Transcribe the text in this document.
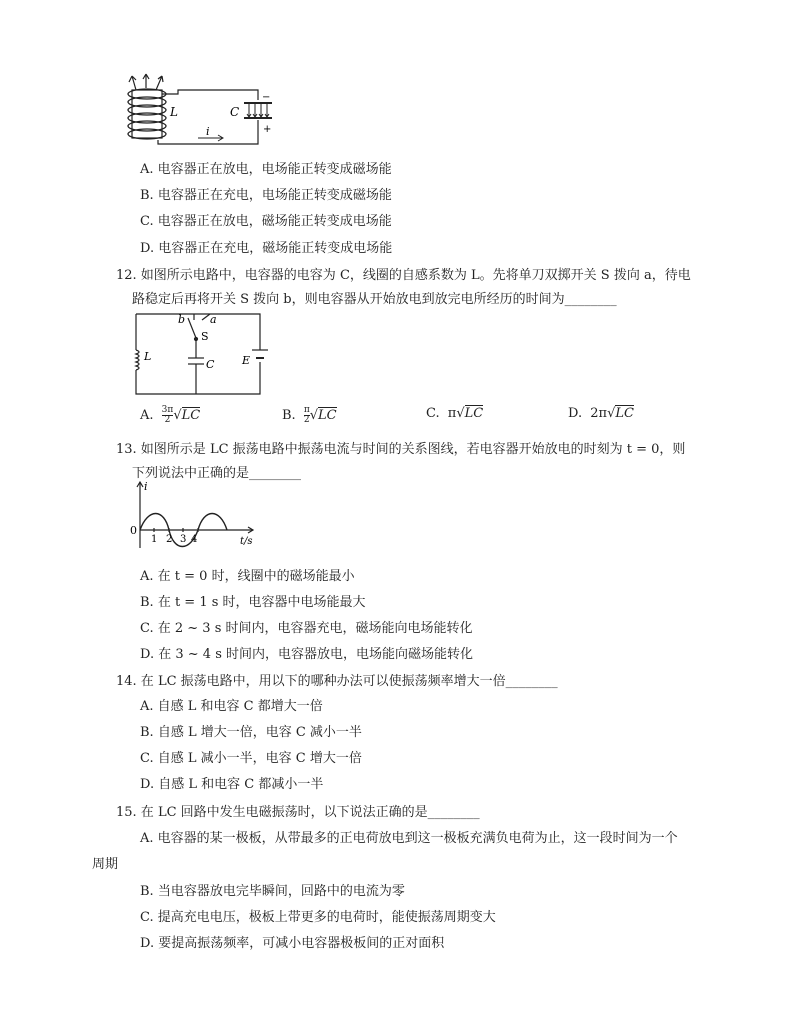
L	C
i
−
+
A. 电容器正在放电，电场能正转变成磁场能
B. 电容器正在充电，电场能正转变成磁场能
C. 电容器正在放电，磁场能正转变成电场能
D. 电容器正在充电，磁场能正转变成电场能
12. 如图所示电路中，电容器的电容为 C，线圈的自感系数为 L。先将单刀双掷开关 S 拨向 a，待电
路稳定后再将开关 S 拨向 b，则电容器从开始放电到放完电所经历的时间为________
b a
S
L
C	E
A. $\frac{3\pi}{2} √LC$	B. $\frac{\pi}{2} √LC$	C. π√LC	D. 2π√LC
13. 如图所示是 LC 振荡电路中振荡电流与时间的关系图线，若电容器开始放电的时刻为 t = 0，则
下列说法中正确的是________
i
0
1 2 3 4	t/s
A. 在 t = 0 时，线圈中的磁场能最小
B. 在 t = 1 s 时，电容器中电场能最大
C. 在 2 ~ 3 s 时间内，电容器充电，磁场能向电场能转化
D. 在 3 ~ 4 s 时间内，电容器放电，电场能向磁场能转化
14. 在 LC 振荡电路中，用以下的哪种办法可以使振荡频率增大一倍________
A. 自感 L 和电容 C 都增大一倍
B. 自感 L 增大一倍，电容 C 减小一半
C. 自感 L 减小一半，电容 C 增大一倍
D. 自感 L 和电容 C 都减小一半
15. 在 LC 回路中发生电磁振荡时，以下说法正确的是________
A. 电容器的某一极板，从带最多的正电荷放电到这一极板充满负电荷为止，这一段时间为一个
周期
B. 当电容器放电完毕瞬间，回路中的电流为零
C. 提高充电电压，极板上带更多的电荷时，能使振荡周期变大
D. 要提高振荡频率，可减小电容器极板间的正对面积
